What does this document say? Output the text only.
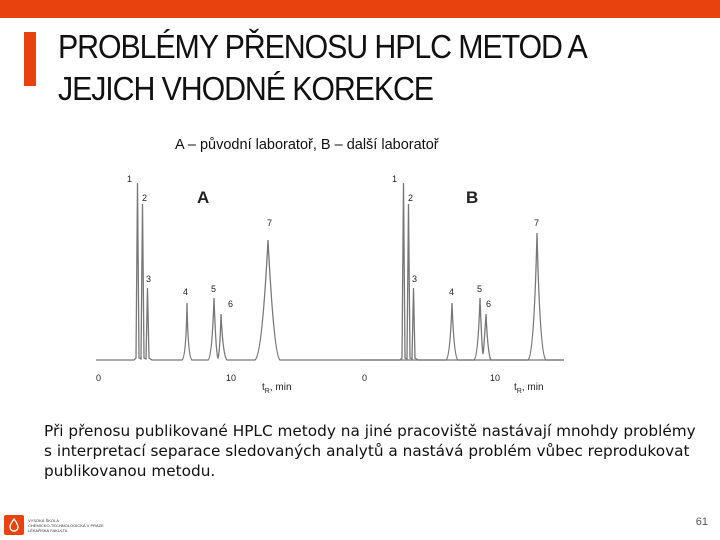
PROBLÉMY PŘENOSU HPLC METOD A JEJICH VHODNÉ KOREKCE
A – původní laboratoř, B – další laboratoř
1
2
3
4	5
6
7
A
0	10
$t_R$, min
1
2
3
4	5
6
7
B
0	10
$t_R$, min
Při přenosu publikované HPLC metody na jiné pracoviště nastávají mnohdy problémy s interpretací separace sledovaných analytů a nastává problém vůbec reprodukovat publikovanou metodu.
VYSOKÁ ŠKOLA
CHEMICKO-TECHNOLOGICKÁ V PRAZE
LÉKAŘSKÁ FAKULTA
61
